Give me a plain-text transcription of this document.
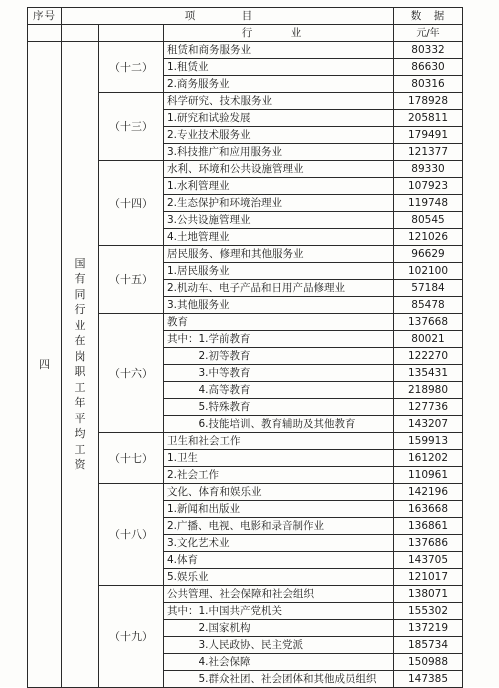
序号	项　目			数　据
			行　业	元/年
四	国有同行业在岗职工年平均工资	（十二）	租赁和商务服务业	80332
			1.租赁业	86630
			2.商务服务业	80316
		（十三）	科学研究、技术服务业	178928
			1.研究和试验发展	205811
			2.专业技术服务业	179491
			3.科技推广和应用服务业	121377
		（十四）	水利、环境和公共设施管理业	89330
			1.水利管理业	107923
			2.生态保护和环境治理业	119748
			3.公共设施管理业	80545
			4.土地管理业	121026
		（十五）	居民服务、修理和其他服务业	96629
			1.居民服务业	102100
			2.机动车、电子产品和日用产品修理业	57184
			3.其他服务业	85478
		（十六）	教育	137668
			其中：1.学前教育	80021
			　　　2.初等教育	122270
			　　　3.中等教育	135431
			　　　4.高等教育	218980
			　　　5.特殊教育	127736
			　　　6.技能培训、教育辅助及其他教育	143207
		（十七）	卫生和社会工作	159913
			1.卫生	161202
			2.社会工作	110961
		（十八）	文化、体育和娱乐业	142196
			1.新闻和出版业	163668
			2.广播、电视、电影和录音制作业	136861
			3.文化艺术业	137686
			4.体育	143705
			5.娱乐业	121017
		（十九）	公共管理、社会保障和社会组织	138071
			其中：1.中国共产党机关	155302
			　　　2.国家机构	137219
			　　　3.人民政协、民主党派	185734
			　　　4.社会保障	150988
			　　　5.群众社团、社会团体和其他成员组织	147385
